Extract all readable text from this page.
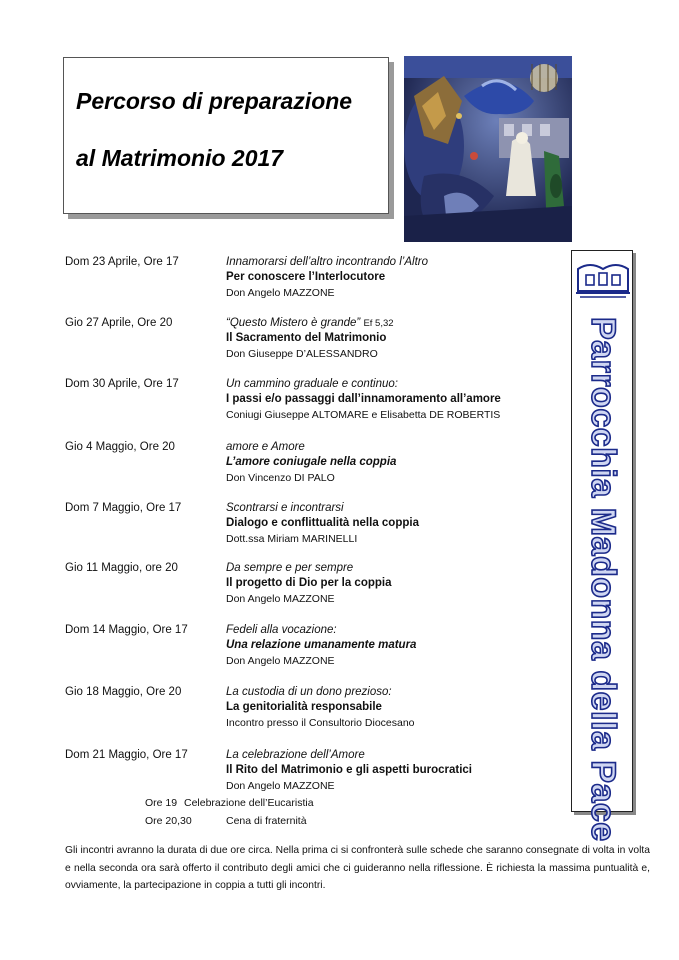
Percorso di preparazione
al Matrimonio 2017
Dom 23 Aprile, Ore 17	Innamorarsi dell’altro incontrando l’Altro
Per conoscere l’Interlocutore
Don Angelo MAZZONE
Gio 27 Aprile, Ore 20	“Questo Mistero è grande” Ef 5,32
Il Sacramento del Matrimonio
Don Giuseppe D’ALESSANDRO
Dom 30 Aprile, Ore 17	Un cammino graduale e continuo:
I passi e/o passaggi dall’innamoramento all’amore
Coniugi Giuseppe ALTOMARE e Elisabetta DE ROBERTIS
Gio 4 Maggio, Ore 20	amore e Amore
L’amore coniugale nella coppia
Don Vincenzo DI PALO
Dom 7 Maggio, Ore 17	Scontrarsi e incontrarsi
Dialogo e conflittualità nella coppia
Dott.ssa Miriam MARINELLI
Gio 11 Maggio, ore 20	Da sempre e per sempre
Il progetto di Dio per la coppia
Don Angelo MAZZONE
Dom 14 Maggio, Ore 17	Fedeli alla vocazione:
Una relazione umanamente matura
Don Angelo MAZZONE
Gio 18 Maggio, Ore 20	La custodia di un dono prezioso:
La genitorialità responsabile
Incontro presso il Consultorio Diocesano
Dom 21 Maggio, Ore 17	La celebrazione dell’Amore
Il Rito del Matrimonio e gli aspetti burocratici
Don Angelo MAZZONE
Ore 19 Celebrazione dell’Eucaristia
Ore 20,30	Cena di fraternità
Gli incontri avranno la durata di due ore circa. Nella prima ci si confronterà sulle schede che saranno consegnate di volta in volta e nella seconda ora sarà offerto il contributo degli amici che ci guideranno nella riflessione. È richiesta la massima puntualità e, ovviamente, la partecipazione in coppia a tutti gli incontri.
Parrocchia Madonna della Pace
